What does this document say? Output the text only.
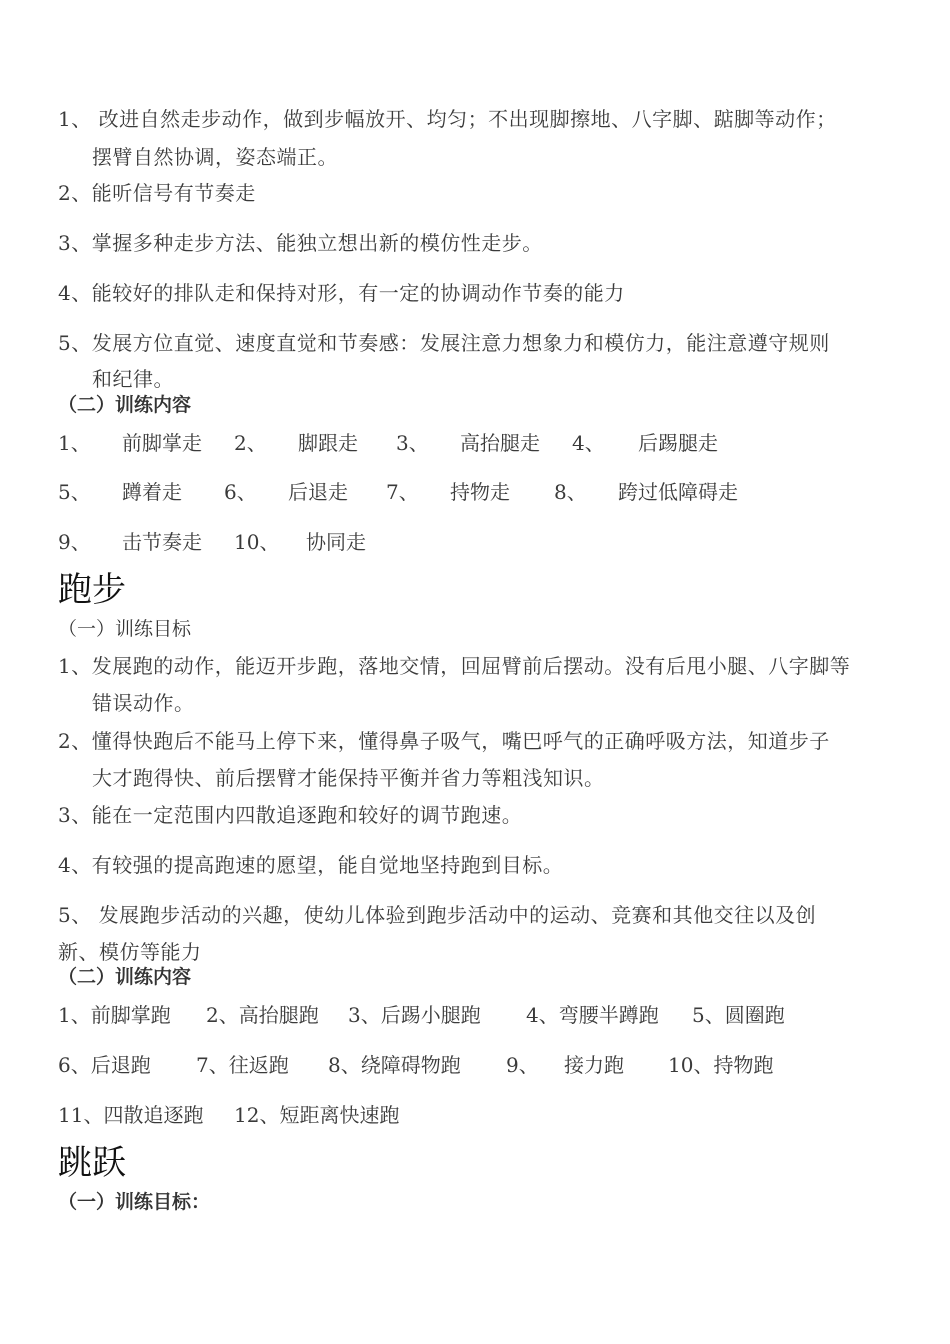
1、 改进自然走步动作，做到步幅放开、均匀；不出现脚擦地、八字脚、踮脚等动作；
摆臂自然协调，姿态端正。
2、能听信号有节奏走
3、掌握多种走步方法、能独立想出新的模仿性走步。
4、能较好的排队走和保持对形，有一定的协调动作节奏的能力
5、发展方位直觉、速度直觉和节奏感：发展注意力想象力和模仿力，能注意遵守规则
和纪律。
（二）训练内容
1、 前脚掌走 2、 脚跟走 3、 高抬腿走 4、 后踢腿走
5、 蹲着走 6、 后退走 7、 持物走 8、 跨过低障碍走
9、 击节奏走 10、 协同走
跑步
（一）训练目标
1、发展跑的动作，能迈开步跑，落地交情，回屈臂前后摆动。没有后甩小腿、八字脚等
错误动作。
2、懂得快跑后不能马上停下来，懂得鼻子吸气，嘴巴呼气的正确呼吸方法，知道步子
大才跑得快、前后摆臂才能保持平衡并省力等粗浅知识。
3、能在一定范围内四散追逐跑和较好的调节跑速。
4、有较强的提高跑速的愿望，能自觉地坚持跑到目标。
5、 发展跑步活动的兴趣，使幼儿体验到跑步活动中的运动、竞赛和其他交往以及创
新、模仿等能力
（二）训练内容
1、前脚掌跑 2、高抬腿跑 3、后踢小腿跑 4、弯腰半蹲跑 5、圆圈跑
6、后退跑 7、往返跑 8、绕障碍物跑 9、 接力跑 10、持物跑
11、四散追逐跑 12、短距离快速跑
跳跃
（一）训练目标：
